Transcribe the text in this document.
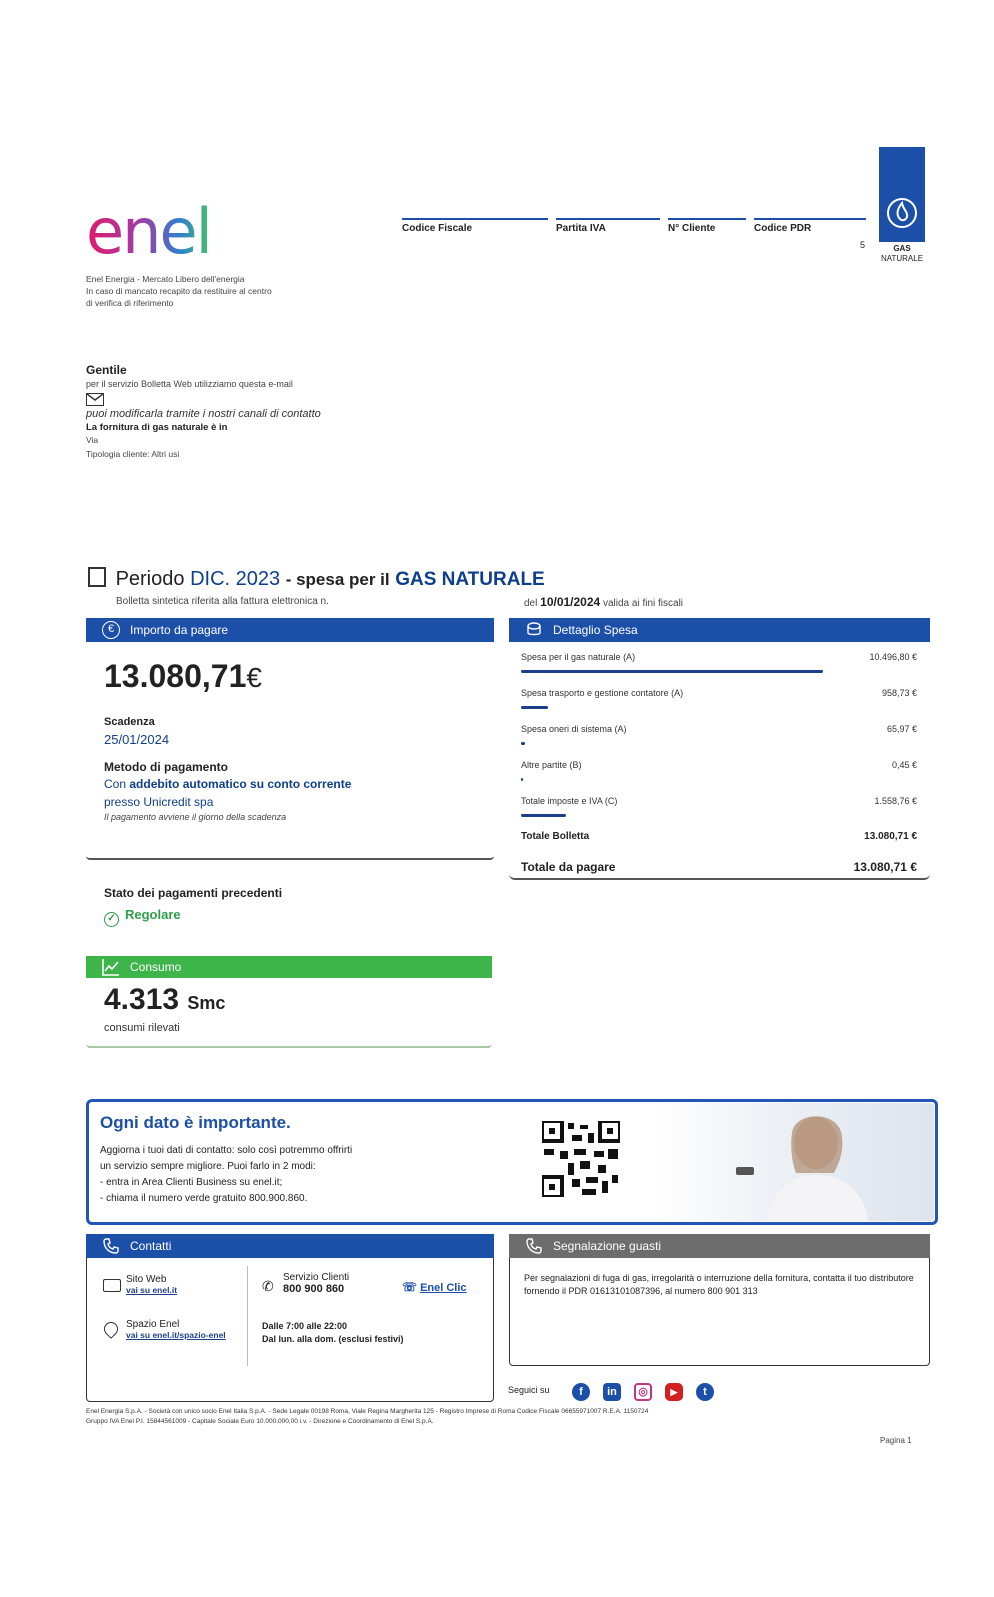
enel
Enel Energia - Mercato Libero dell'energia
In caso di mancato recapito da restituire al centro
di verifica di riferimento
Codice Fiscale	Partita IVA	N° Cliente	Codice PDR
5	GAS
NATURALE
Gentile
per il servizio Bolletta Web utilizziamo questa e-mail
puoi modificarla tramite i nostri canali di contatto
La fornitura di gas naturale è in
Via
Tipologia cliente: Altri usi
Periodo DIC. 2023 - spesa per il GAS NATURALE
Bolletta sintetica riferita alla fattura elettronica n.	del 10/01/2024 valida ai fini fiscali
€	Importo da pagare
13.080,71€
Scadenza
25/01/2024
Metodo di pagamento
Con addebito automatico su conto corrente
presso Unicredit spa
Il pagamento avviene il giorno della scadenza
Stato dei pagamenti precedenti
✓ Regolare
Consumo
4.313 Smc
consumi rilevati
Dettaglio Spesa
Spesa per il gas naturale (A)	10.496,80 €
Spesa trasporto e gestione contatore (A)	958,73 €
Spesa oneri di sistema (A)	65,97 €
Altre partite (B)	0,45 €
Totale imposte e IVA (C)	1.558,76 €
Totale Bolletta	13.080,71 €
Totale da pagare	13.080,71 €
Ogni dato è importante.
Aggiorna i tuoi dati di contatto: solo così potremmo offrirti
un servizio sempre migliore. Puoi farlo in 2 modi:
- entra in Area Clienti Business su enel.it;
- chiama il numero verde gratuito 800.900.860.
Contatti
Sito Web
vai su enel.it
Spazio Enel
vai su enel.it/spazio-enel
✆
Servizio Clienti
800 900 860	☏ Enel Clic
Dalle 7:00 alle 22:00
Dal lun. alla dom. (esclusi festivi)
Segnalazione guasti
Per segnalazioni di fuga di gas, irregolarità o interruzione della fornitura, contatta il tuo distributore fornendo il PDR 01613101087396, al numero 800 901 313
Seguici su	f	in	◎	▶	t
Enel Energia S.p.A. - Società con unico socio Enel Italia S.p.A. - Sede Legale 00198 Roma, Viale Regina Margherita 125 - Registro Imprese di Roma Codice Fiscale 06655971007 R.E.A. 1150724
Gruppo IVA Enel P.I. 15844561009 - Capitale Sociale Euro 10.000.000,00 i.v. - Direzione e Coordinamento di Enel S.p.A.
Pagina 1
